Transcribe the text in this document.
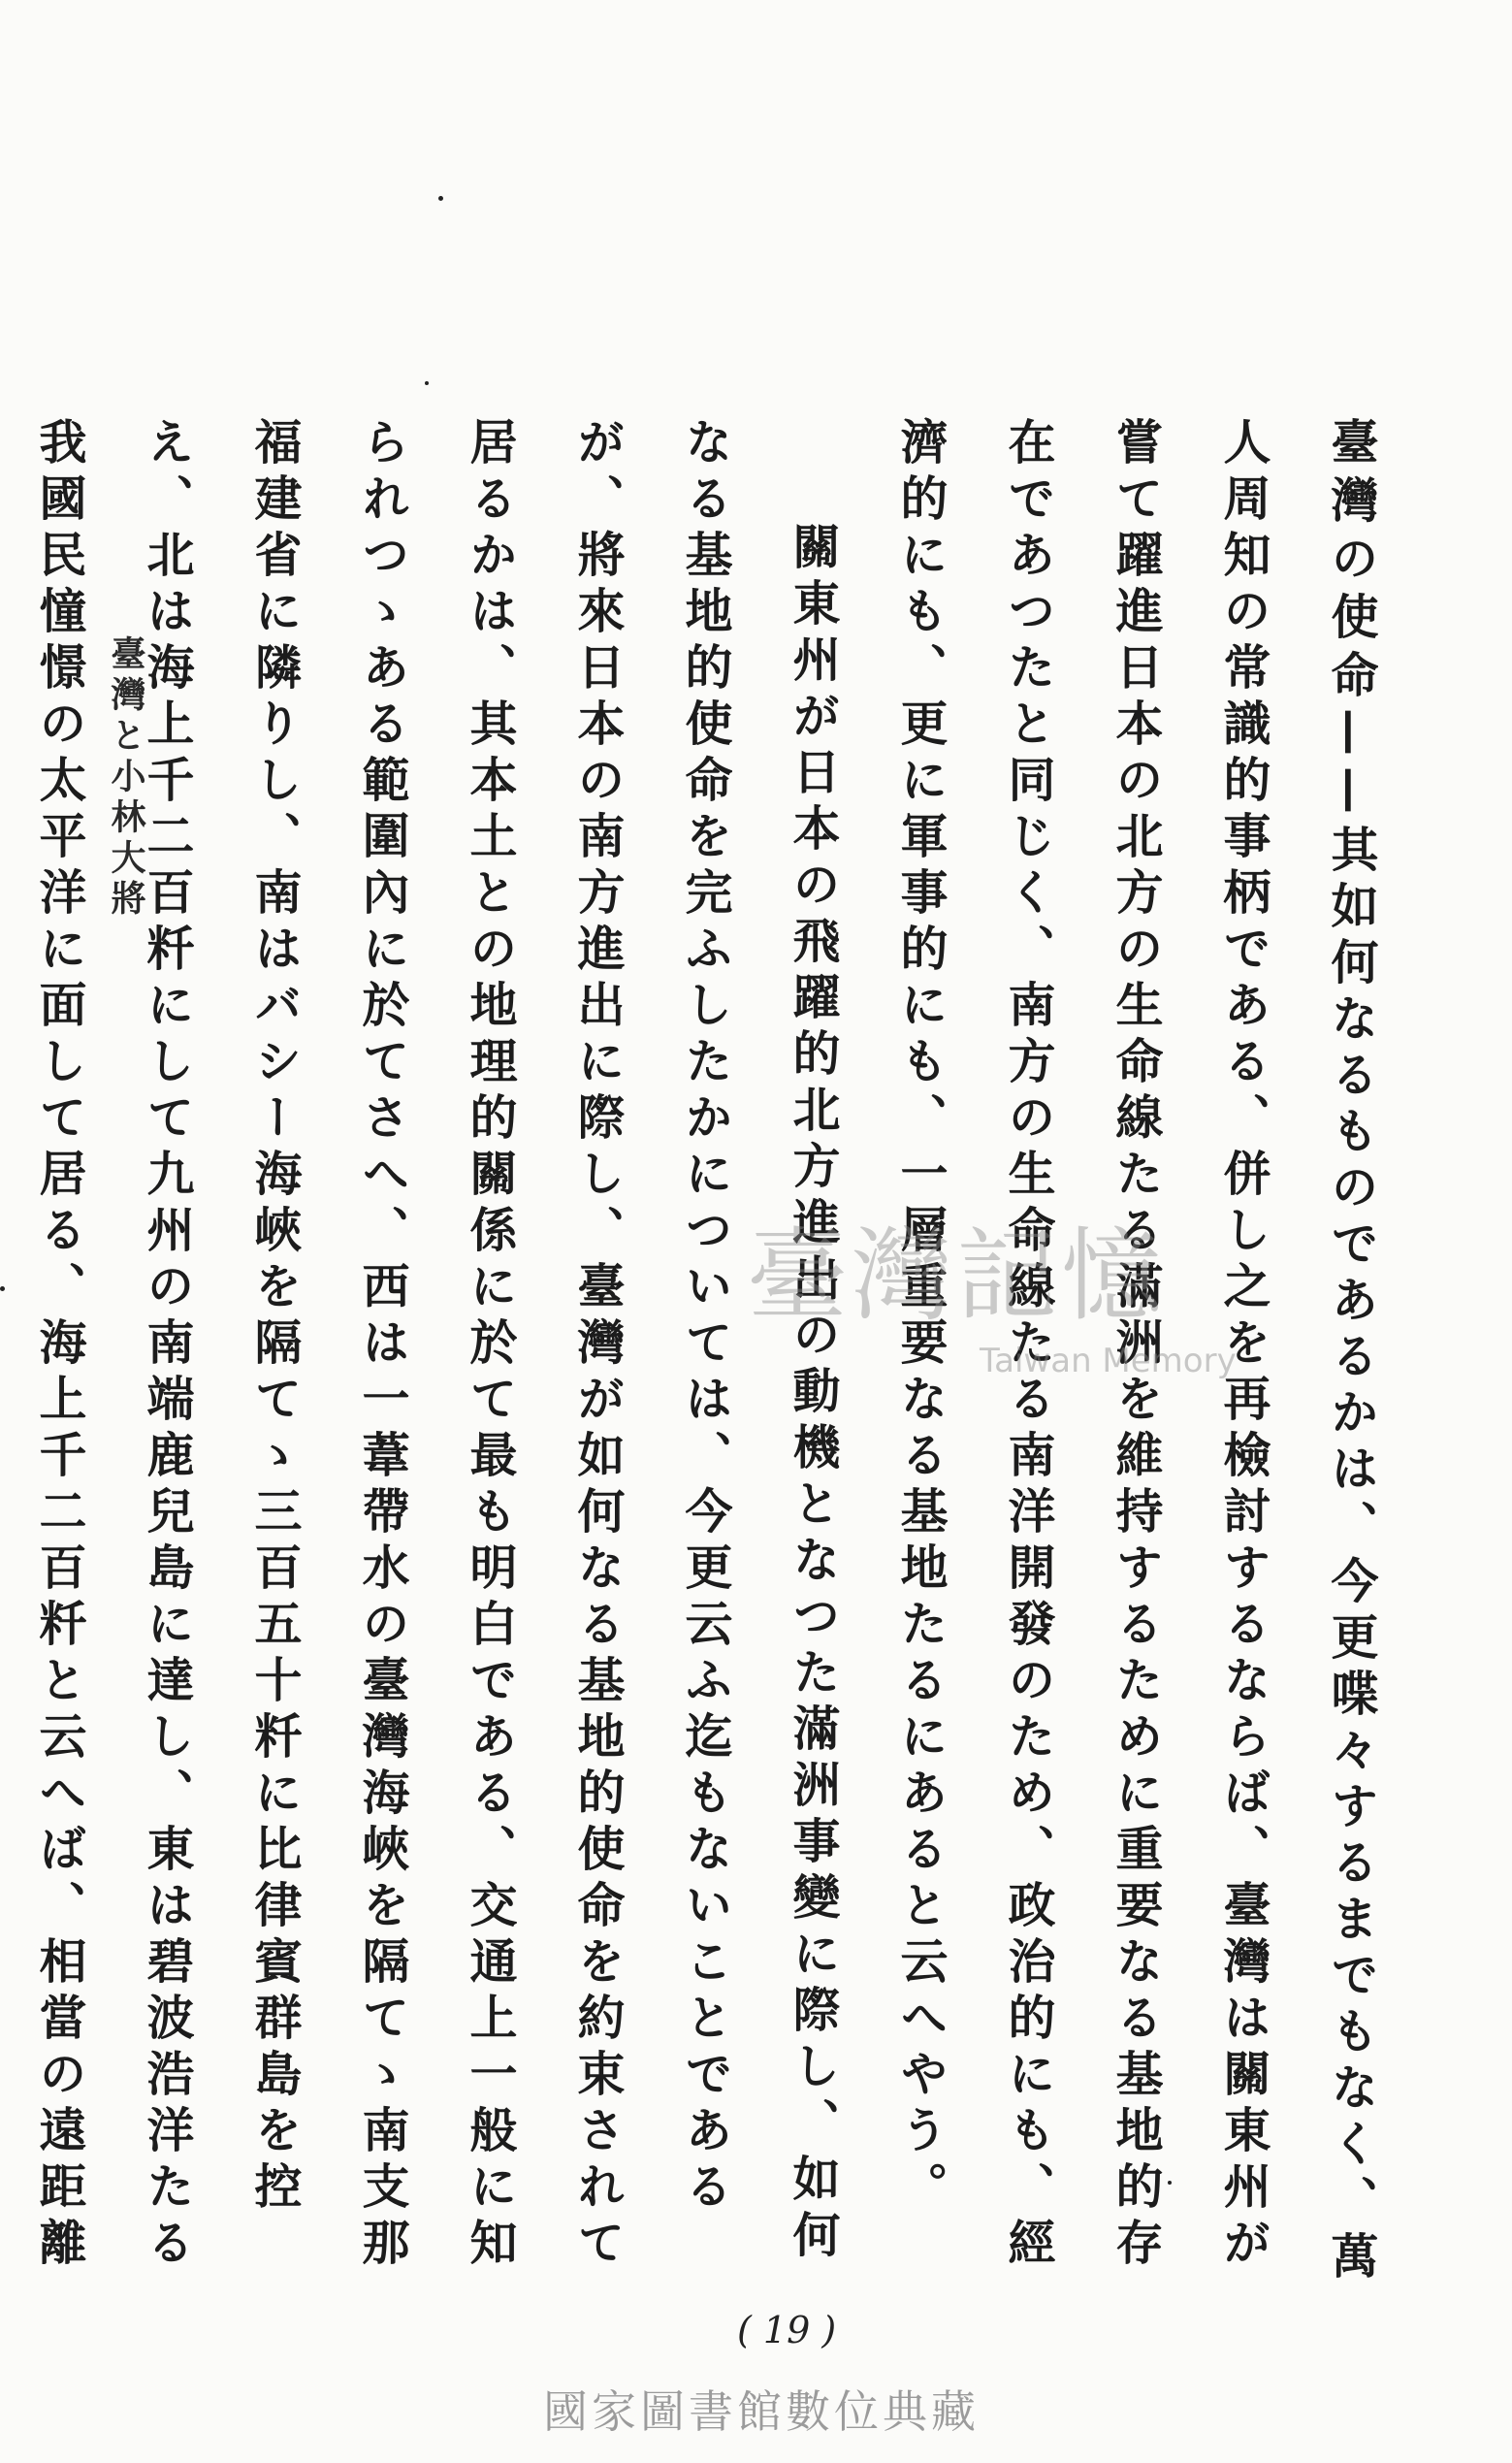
臺灣の使命——其如何なるものであるかは、今更喋々するまでもなく、萬人周知の常識的事柄である、併し之を再檢討するならば、臺灣は關東州が嘗て躍進日本の北方の生命線たる滿洲を維持するために重要なる基地的存在であつたと同じく、南方の生命線たる南洋開發のため、政治的にも、經濟的にも、更に軍事的にも、一層重要なる基地たるにあると云へやう。

關東州が日本の飛躍的北方進出の動機となつた滿洲事變に際し、如何なる基地的使命を完ふしたかについては、今更云ふ迄もないことであるが、將來日本の南方進出に際し、臺灣が如何なる基地的使命を約束されて居るかは、其本土との地理的關係に於て最も明白である、交通上一般に知られつゝある範圍內に於てさへ、西は一葦帶水の臺灣海峽を隔てゝ南支那福建省に隣りし、南はバシー海峽を隔てゝ三百五十粁に比律賓群島を控え、北は海上千二百粁にして九州の南端鹿兒島に達し、東は碧波浩洋たる我國民憧憬の太平洋に面して居る、海上千二百粁と云へば、相當の遠距離

臺灣と小林大將
臺灣記憶
Taiwan Memory
( 19 )
國家圖書館數位典藏
